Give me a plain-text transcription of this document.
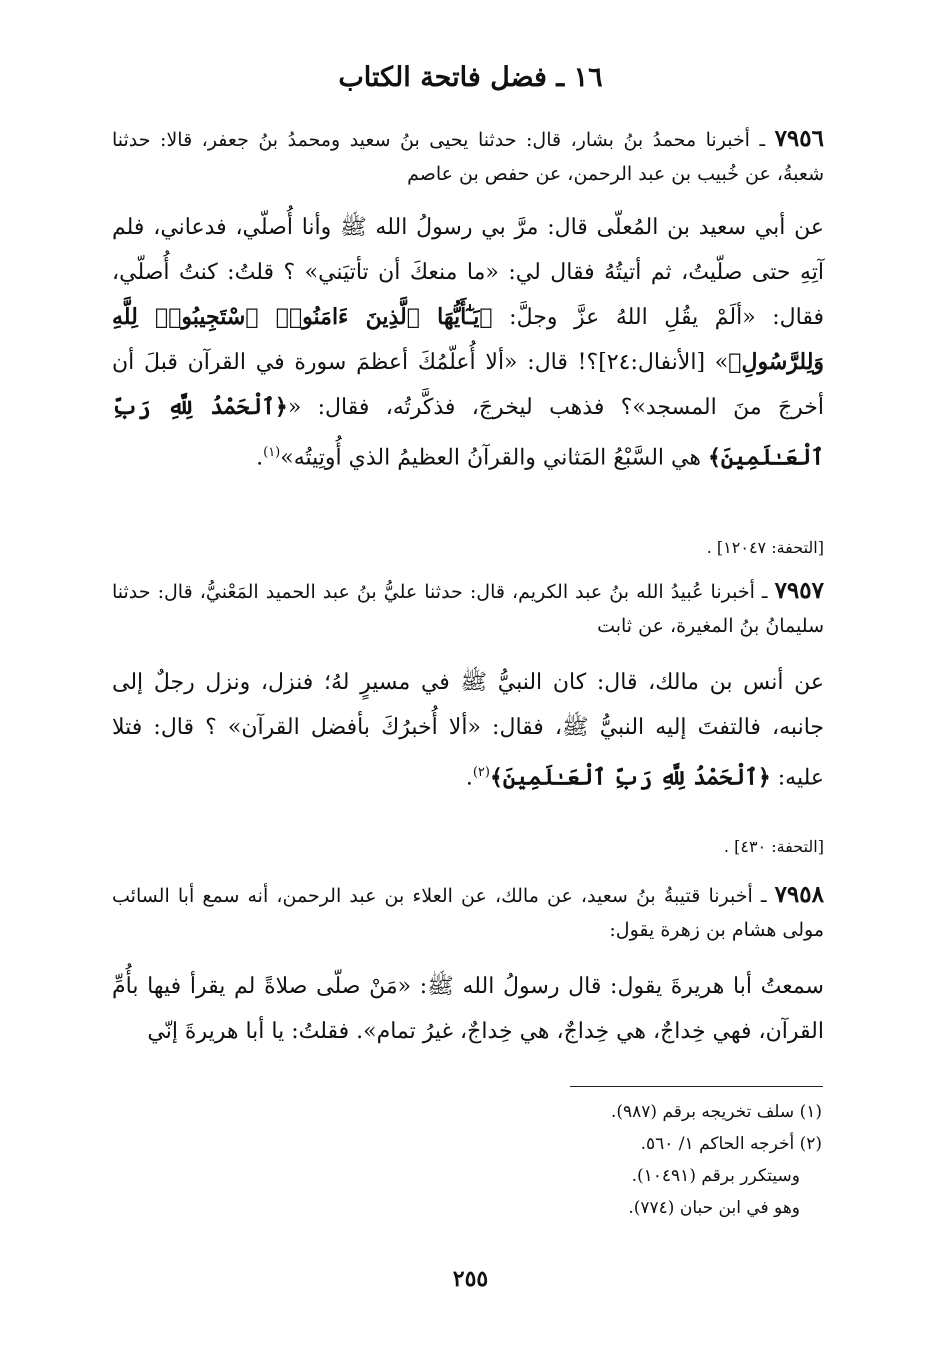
١٦ ـ فضل فاتحة الكتاب
٧٩٥٦ ـ أخبرنا محمدُ بنُ بشار، قال: حدثنا يحيى بنُ سعيد ومحمدُ بنُ جعفر، قالا: حدثنا شعبةُ، عن خُبيب بن عبد الرحمن، عن حفص بن عاصم
عن أبي سعيد بن المُعلّى قال: مرَّ بي رسولُ الله ﷺ وأنا أُصلّي، فدعاني، فلم آتِهِ حتى صلّيتُ، ثم أتيتُهُ فقال لي: «ما منعكَ أن تأتيَني» ؟ قلتُ: كنتُ أُصلّي، فقال: «ألَمْ يقُلِ اللهُ عزَّ وجلَّ: ﴿يَـٰٓأَيُّهَا ٱلَّذِينَ ءَامَنُوا۟ ٱسْتَجِيبُوا۟ لِلَّهِ وَلِلرَّسُولِ﴾» [الأنفال:٢٤]؟! قال: «ألا أُعلّمُكَ أعظمَ سورة في القرآن قبلَ أن أخرجَ منَ المسجد»؟ فذهب ليخرجَ، فذكَّرتُه، فقال: «﴿ٱلْحَمْدُ لِلَّهِ رَبِّ ٱلْعَـٰلَمِينَ﴾ هي السَّبْعُ المَثاني والقرآنُ العظيمُ الذي أُوتِيتُه»$^{(١)}$.
[التحفة: ١٢٠٤٧] .
٧٩٥٧ ـ أخبرنا عُبيدُ الله بنُ عبد الكريم، قال: حدثنا عليُّ بنُ عبد الحميد المَعْنيُّ، قال: حدثنا سليمانُ بنُ المغيرة، عن ثابت
عن أنس بن مالك، قال: كان النبيُّ ﷺ في مسيرٍ لهُ؛ فنزل، ونزل رجلٌ إلى جانبه، فالتفتَ إليه النبيُّ ﷺ، فقال: «ألا أُخبرُكَ بأفضل القرآن» ؟ قال: فتلا عليه: ﴿ٱلْحَمْدُ لِلَّهِ رَبِّ ٱلْعَـٰلَمِينَ﴾$^{(٢)}$.
[التحفة: ٤٣٠] .
٧٩٥٨ ـ أخبرنا قتيبةُ بنُ سعيد، عن مالك، عن العلاء بن عبد الرحمن، أنه سمع أبا السائب مولى هشام بن زهرة يقول:
سمعتُ أبا هريرةَ يقول: قال رسولُ الله ﷺ: «مَنْ صلّى صلاةً لم يقرأ فيها بأُمِّ القرآن، فهي خِداجٌ، هي خِداجٌ، هي خِداجٌ، غيرُ تمام». فقلتُ: يا أبا هريرةَ إنّي
(١) سلف تخريجه برقم (٩٨٧).
(٢) أخرجه الحاكم ١/ ٥٦٠.
وسيتكرر برقم (١٠٤٩١).
وهو في ابن حبان (٧٧٤).
٢٥٥
